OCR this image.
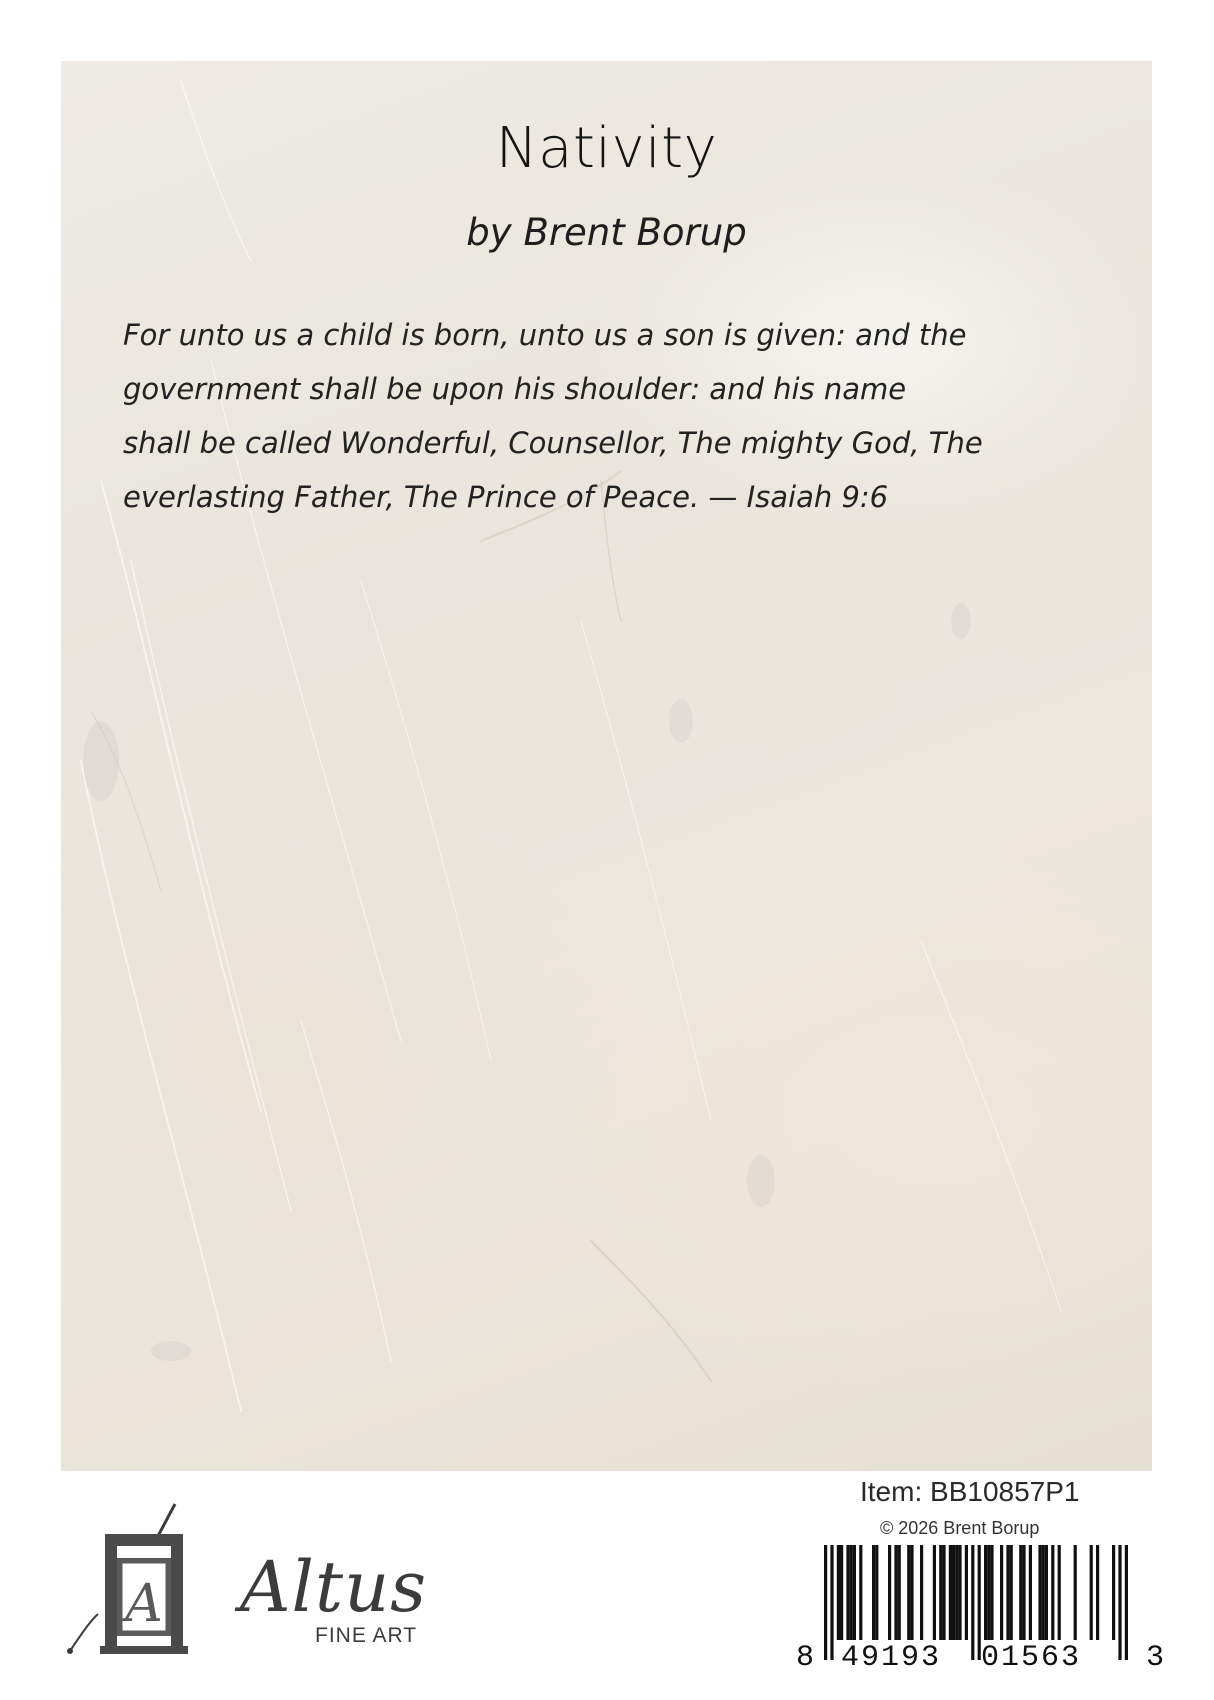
Nativity
by Brent Borup
For unto us a child is born, unto us a son is given: and the
government shall be upon his shoulder: and his name
shall be called Wonderful, Counsellor, The mighty God, The
everlasting Father, The Prince of Peace. — Isaiah 9:6
A Altus
FINE ART
Item: BB10857P1
© 2026 Brent Borup
8 49193 01563 3
